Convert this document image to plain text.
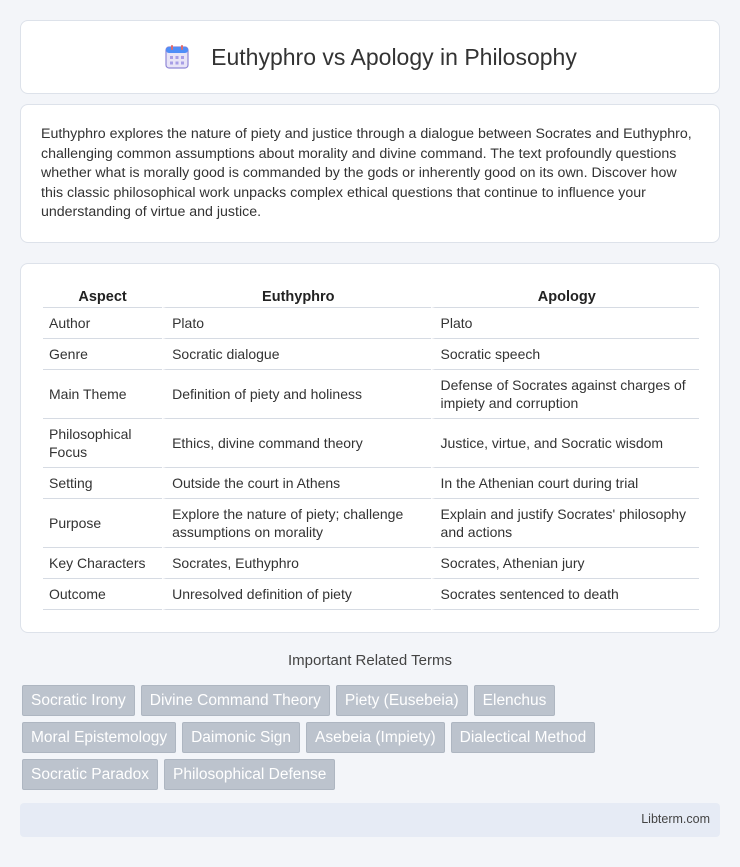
Euthyphro vs Apology in Philosophy

Euthyphro explores the nature of piety and justice through a dialogue between Socrates and Euthyphro, challenging common assumptions about morality and divine command. The text profoundly questions whether what is morally good is commanded by the gods or inherently good on its own. Discover how this classic philosophical work unpacks complex ethical questions that continue to influence your understanding of virtue and justice.

Aspect	Euthyphro	Apology
Author	Plato	Plato
Genre	Socratic dialogue	Socratic speech
Main Theme	Definition of piety and holiness	Defense of Socrates against charges of impiety and corruption
Philosophical Focus	Ethics, divine command theory	Justice, virtue, and Socratic wisdom
Setting	Outside the court in Athens	In the Athenian court during trial
Purpose	Explore the nature of piety; challenge assumptions on morality	Explain and justify Socrates' philosophy and actions
Key Characters	Socrates, Euthyphro	Socrates, Athenian jury
Outcome	Unresolved definition of piety	Socrates sentenced to death
Important Related Terms
Socratic Irony	Divine Command Theory	Piety (Eusebeia)	Elenchus
Moral Epistemology	Daimonic Sign	Asebeia (Impiety)	Dialectical Method
Socratic Paradox	Philosophical Defense
Libterm.com
